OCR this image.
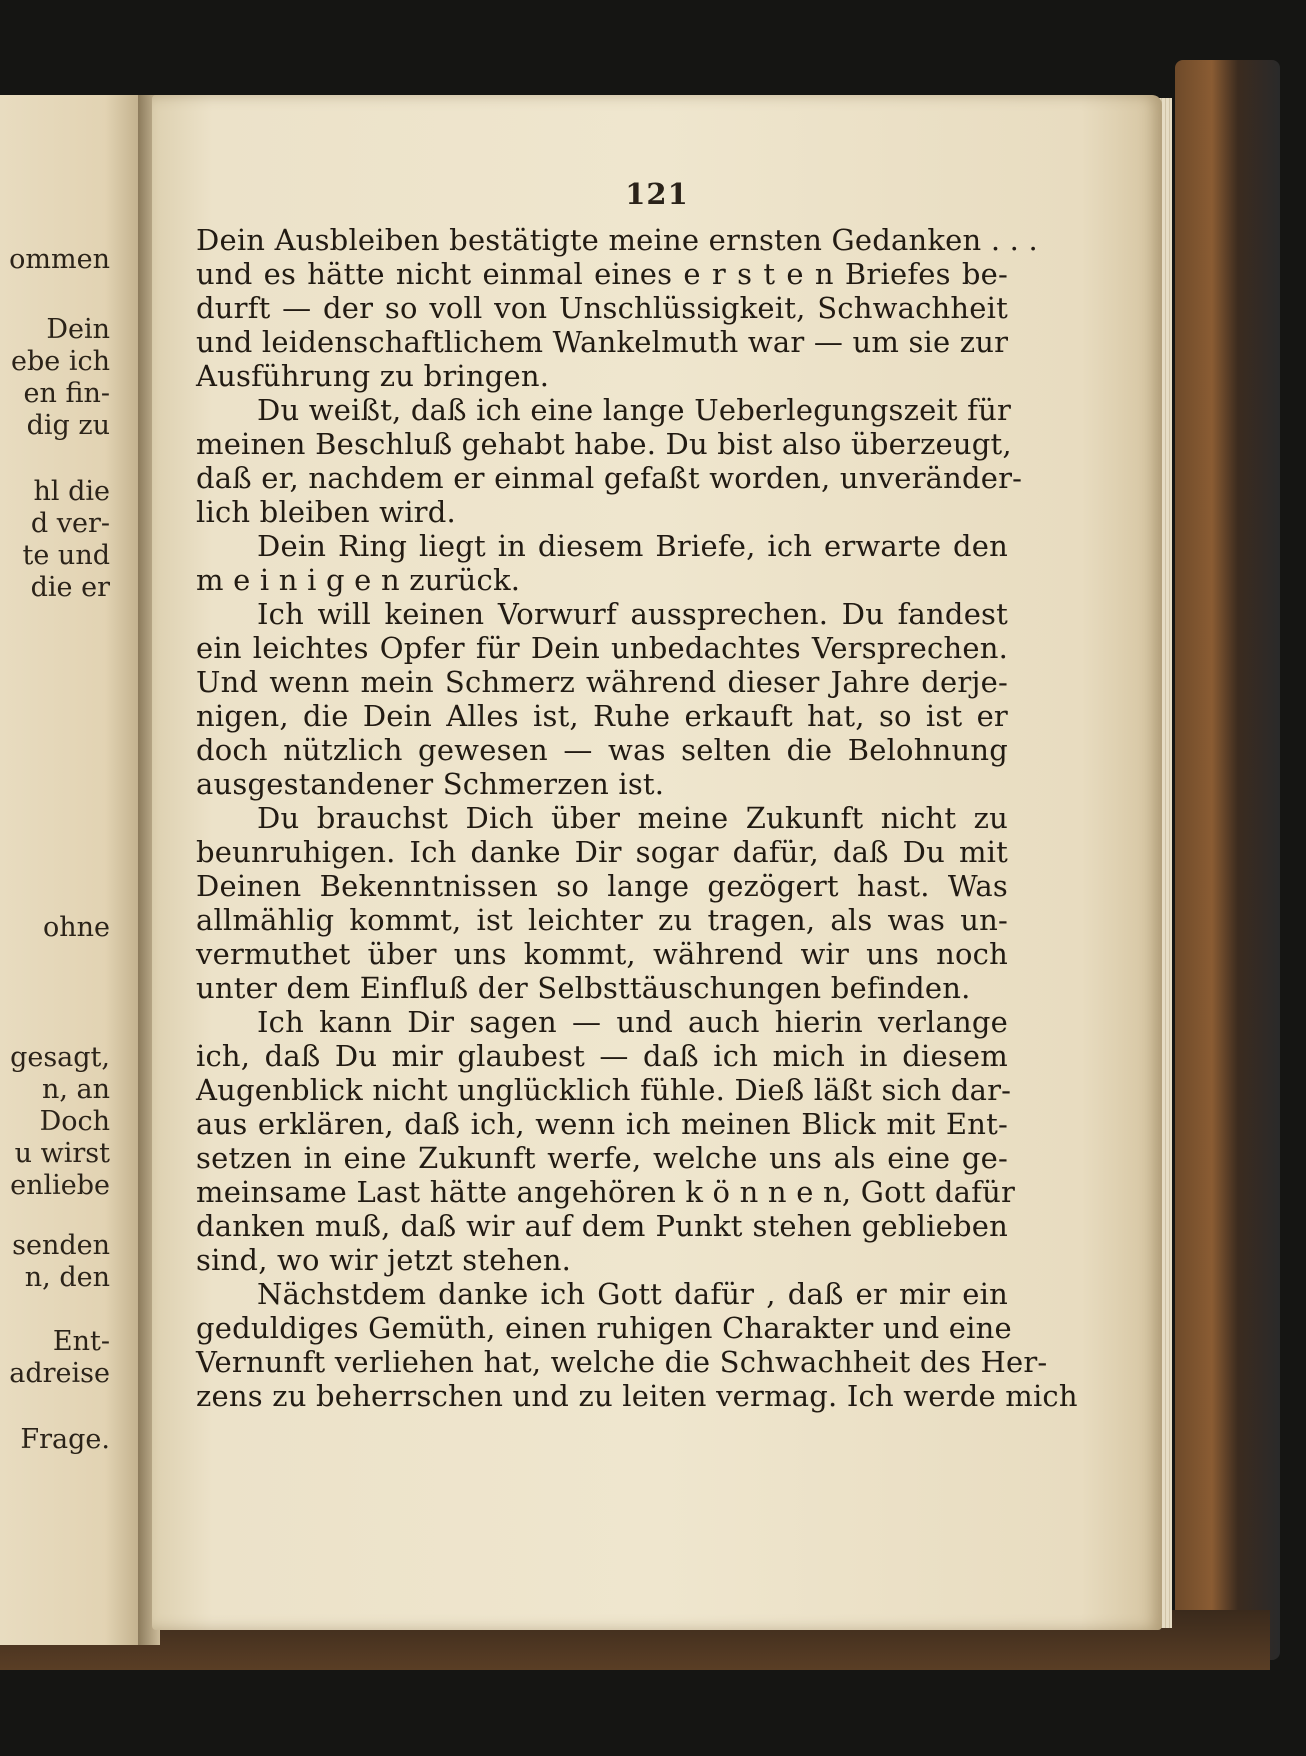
ommen
Dein
ebe ich
en fin-
dig zu
hl die
d ver-
te und
die er
ohne
gesagt,
n, an
Doch
u wirst
enliebe
senden
n, den
Ent-
adreise
Frage.
121
Dein Ausbleiben bestätigte meine ernsten Gedanken . . .
und es hätte nicht einmal eines e r s t e n Briefes be-
durft — der so voll von Unschlüssigkeit, Schwachheit
und leidenschaftlichem Wankelmuth war — um sie zur
Ausführung zu bringen.
Du weißt, daß ich eine lange Ueberlegungszeit für
meinen Beschluß gehabt habe. Du bist also überzeugt,
daß er, nachdem er einmal gefaßt worden, unveränder-
lich bleiben wird.
Dein Ring liegt in diesem Briefe, ich erwarte den
m e i n i g e n zurück.
Ich will keinen Vorwurf aussprechen. Du fandest
ein leichtes Opfer für Dein unbedachtes Versprechen.
Und wenn mein Schmerz während dieser Jahre derje-
nigen, die Dein Alles ist, Ruhe erkauft hat, so ist er
doch nützlich gewesen — was selten die Belohnung
ausgestandener Schmerzen ist.
Du brauchst Dich über meine Zukunft nicht zu
beunruhigen. Ich danke Dir sogar dafür, daß Du mit
Deinen Bekenntnissen so lange gezögert hast. Was
allmählig kommt, ist leichter zu tragen, als was un-
vermuthet über uns kommt, während wir uns noch
unter dem Einfluß der Selbsttäuschungen befinden.
Ich kann Dir sagen — und auch hierin verlange
ich, daß Du mir glaubest — daß ich mich in diesem
Augenblick nicht unglücklich fühle. Dieß läßt sich dar-
aus erklären, daß ich, wenn ich meinen Blick mit Ent-
setzen in eine Zukunft werfe, welche uns als eine ge-
meinsame Last hätte angehören k ö n n e n, Gott dafür
danken muß, daß wir auf dem Punkt stehen geblieben
sind, wo wir jetzt stehen.
Nächstdem danke ich Gott dafür , daß er mir ein
geduldiges Gemüth, einen ruhigen Charakter und eine
Vernunft verliehen hat, welche die Schwachheit des Her-
zens zu beherrschen und zu leiten vermag. Ich werde mich
